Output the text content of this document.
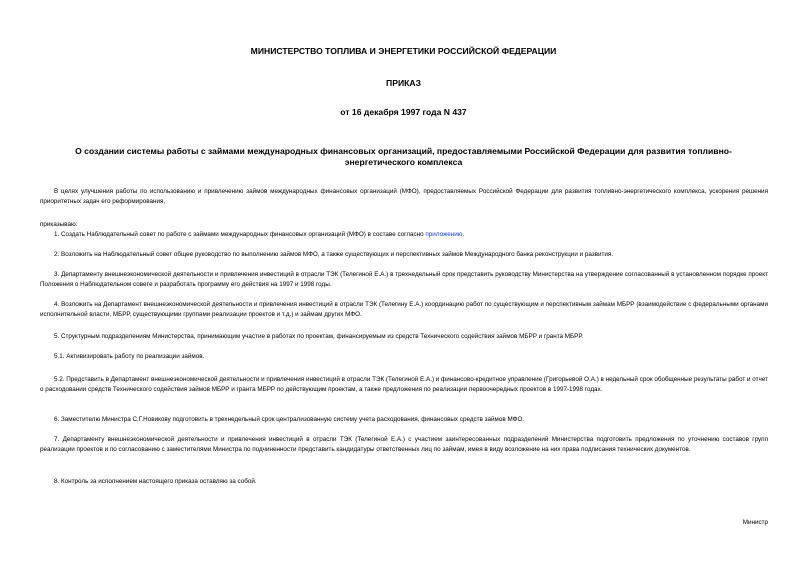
МИНИСТЕРСТВО ТОПЛИВА И ЭНЕРГЕТИКИ РОССИЙСКОЙ ФЕДЕРАЦИИ
ПРИКАЗ
от 16 декабря 1997 года N 437
О создании системы работы с займами международных финансовых организаций, предоставляемыми Российской Федерации для развития топливно-энергетического комплекса

В целях улучшения работы по использованию и привлечению займов международных финансовых организаций (МФО), предоставляемых Российской Федерации для развития топливно-энергетического комплекса, ускорения решения приоритетных задач его реформирования,

приказываю:

1. Создать Наблюдательный совет по работе с займами международных финансовых организаций (МФО) в составе согласно приложению.

2. Возложить на Наблюдательный совет общее руководство по выполнению займов МФО, а также существующих и перспективных займов Международного банка реконструкции и развития.

3. Департаменту внешнеэкономической деятельности и привлечения инвестиций в отрасли ТЭК (Телегиной Е.А.) в трехнедельный срок представить руководству Министерства на утверждение согласованный в установленном порядке проект Положения о Наблюдательном совете и разработать программу его действия на 1997 и 1998 годы.

4. Возложить на Департамент внешнеэкономической деятельности и привлечения инвестиций в отрасли ТЭК (Телегину Е.А.) координацию работ по существующим и перспективным займам МБРР (взаимодействие с федеральными органами исполнительной власти, МБРР, существующими группами реализации проектов и т.д.) и займам других МФО.

5. Структурным подразделениям Министерства, принимающим участие в работах по проектам, финансируемым из средств Технического содействия займов МБРР и гранта МБРР.

5.1. Активизировать работу по реализации займов.

5.2. Представить в Департамент внешнеэкономической деятельности и привлечения инвестиций в отрасли ТЭК (Телегиной Е.А.) и финансово-кредитное управление (Григорьевой О.А.) в недельный срок обобщенные результаты работ и отчет о расходовании средств Технического содействия займов МБРР и гранта МБРР по действующим проектам, а также предложения по реализации первоочередных проектов в 1997-1998 годах.

6. Заместителю Министра С.Г.Новикову подготовить в трехнедельный срок централизованную систему учета расходования, финансовых средств займов МФО.

7. Департаменту внешнеэкономической деятельности и привлечения инвестиций в отрасли ТЭК (Телегиной Е.А.) с участием заинтересованных подразделений Министерства подготовить предложения по уточнению составов групп реализации проектов и по согласованию с заместителями Министра по подчиненности представить кандидатуры ответственных лиц по займам, имея в виду возложение на них права подписания технических документов.

8. Контроль за исполнением настоящего приказа оставляю за собой.

Министр
